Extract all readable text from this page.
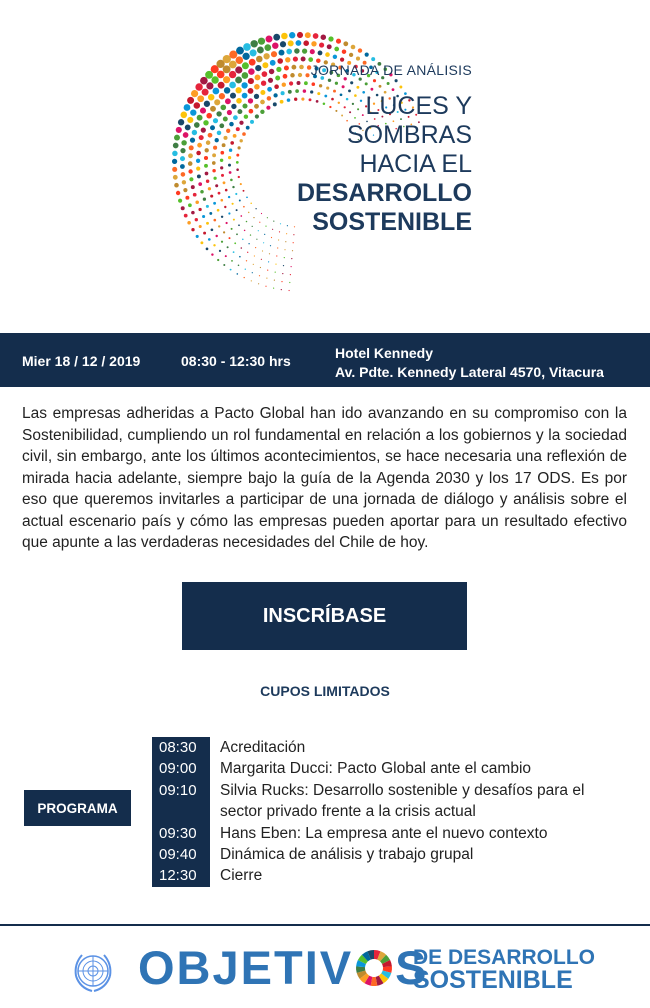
JORNADA DE ANÁLISIS
LUCES Y SOMBRAS
HACIA EL
DESARROLLO
SOSTENIBLE
Mier 18 / 12 / 2019	08:30 - 12:30 hrs	Hotel Kennedy
Av. Pdte. Kennedy Lateral 4570, Vitacura

Las empresas adheridas a Pacto Global han ido avanzando en su compromiso con la Sostenibilidad, cumpliendo un rol fundamental en relación a los gobiernos y la sociedad civil, sin embargo, ante los últimos acontecimientos, se hace necesaria una reflexión de mirada hacia adelante, siempre bajo la guía de la Agenda 2030 y los 17 ODS. Es por eso que queremos invitarles a participar de una jornada de diálogo y análisis sobre el actual escenario país y cómo las empresas pueden aportar para un resultado efectivo que apunte a las verdaderas necesidades del Chile de hoy.

INSCRÍBASE
CUPOS LIMITADOS
PROGRAMA
08:30	Acreditación
09:00	Margarita Ducci: Pacto Global ante el cambio
09:10	Silvia Rucks: Desarrollo sostenible y desafíos para el sector privado frente a la crisis actual
09:30	Hans Eben: La empresa ante el nuevo contexto
09:40	Dinámica de análisis y trabajo grupal
12:30	Cierre
OBJETIV S
DE DESARROLLO
SOSTENIBLE
